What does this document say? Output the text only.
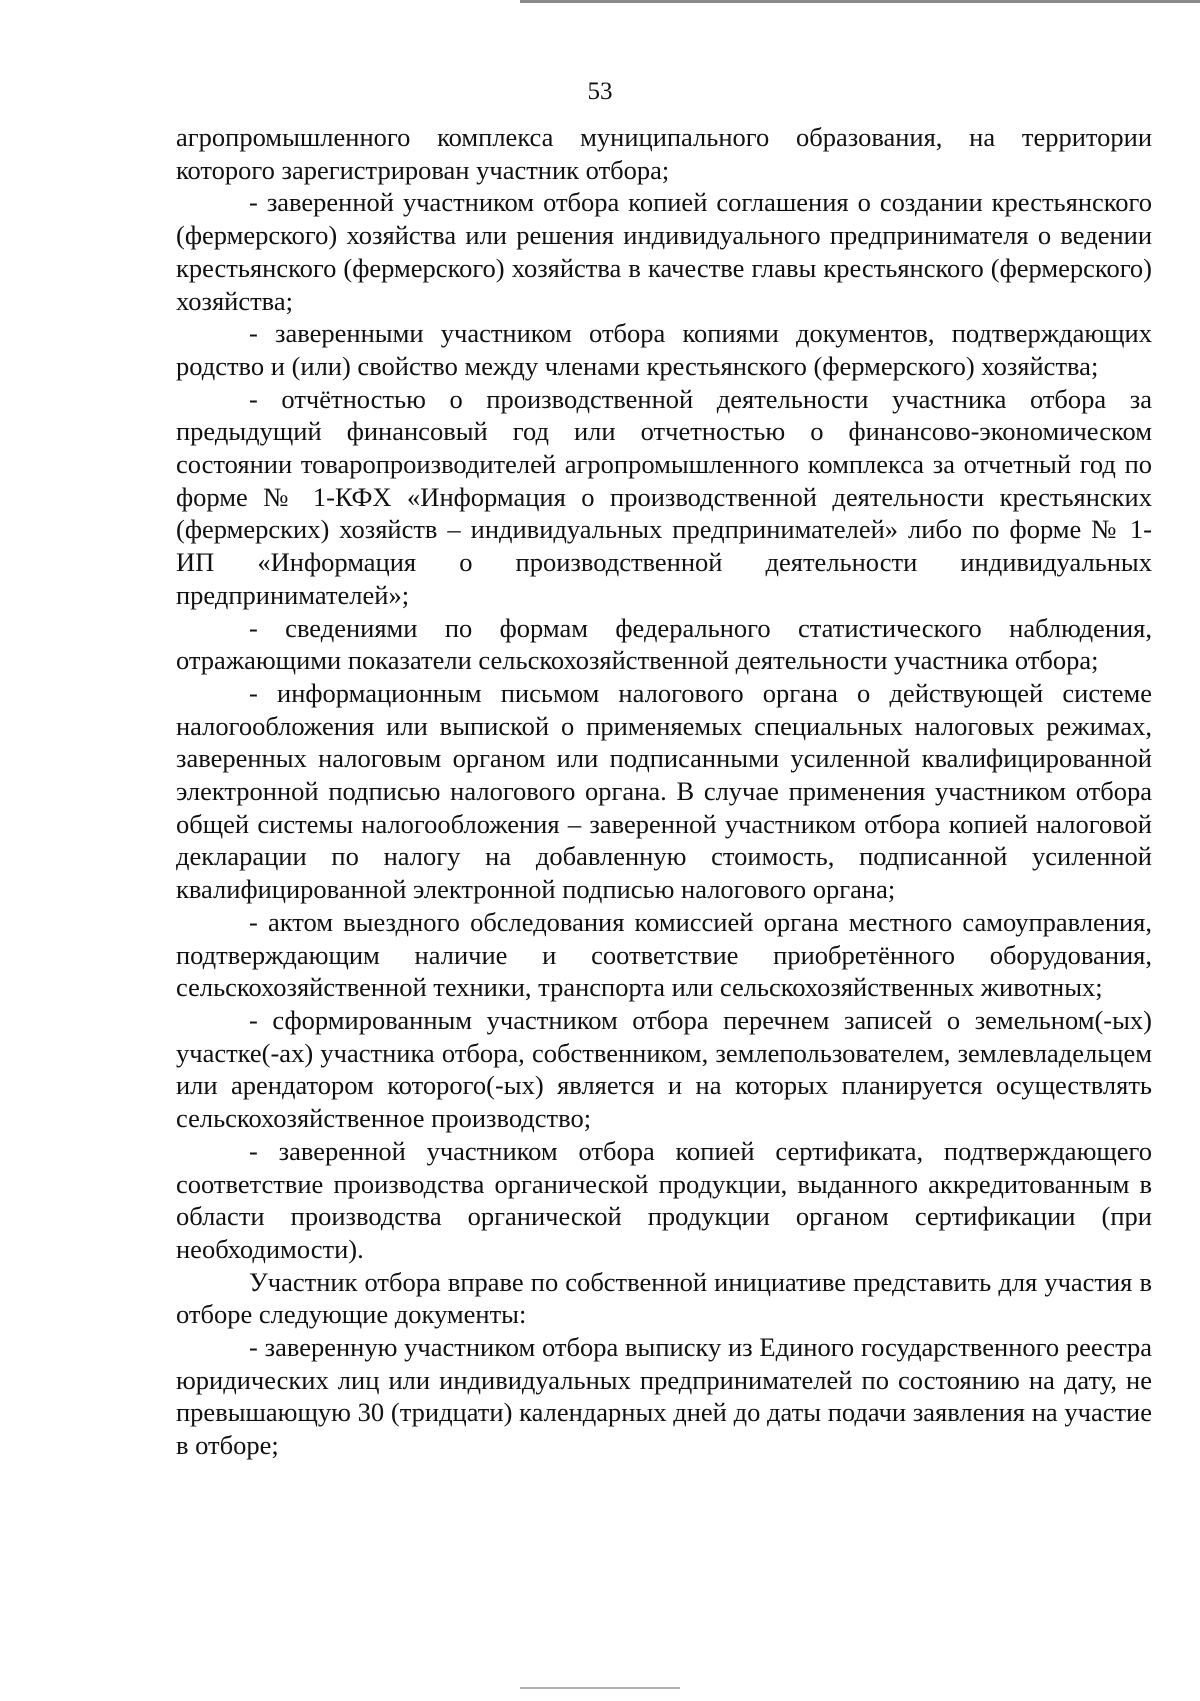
53

агропромышленного комплекса муниципального образования, на территории которого зарегистрирован участник отбора;

- заверенной участником отбора копией соглашения о создании крестьянского (фермерского) хозяйства или решения индивидуального предпринимателя о ведении крестьянского (фермерского) хозяйства в качестве главы крестьянского (фермерского) хозяйства;

- заверенными участником отбора копиями документов, подтверждающих родство и (или) свойство между членами крестьянского (фермерского) хозяйства;

- отчётностью о производственной деятельности участника отбора за предыдущий финансовый год или отчетностью о финансово-экономическом состоянии товаропроизводителей агропромышленного комплекса за отчетный год по форме № 1-КФХ «Информация о производственной деятельности крестьянских (фермерских) хозяйств – индивидуальных предпринимателей» либо по форме № 1-ИП «Информация о производственной деятельности индивидуальных предпринимателей»;

- сведениями по формам федерального статистического наблюдения, отражающими показатели сельскохозяйственной деятельности участника отбора;

- информационным письмом налогового органа о действующей системе налогообложения или выпиской о применяемых специальных налоговых режимах, заверенных налоговым органом или подписанными усиленной квалифицированной электронной подписью налогового органа. В случае применения участником отбора общей системы налогообложения – заверенной участником отбора копией налоговой декларации по налогу на добавленную стоимость, подписанной усиленной квалифицированной электронной подписью налогового органа;

- актом выездного обследования комиссией органа местного самоуправления, подтверждающим наличие и соответствие приобретённого оборудования, сельскохозяйственной техники, транспорта или сельскохозяйственных животных;

- сформированным участником отбора перечнем записей о земельном(-ых) участке(-ах) участника отбора, собственником, землепользователем, землевладельцем или арендатором которого(-ых) является и на которых планируется осуществлять сельскохозяйственное производство;

- заверенной участником отбора копией сертификата, подтверждающего соответствие производства органической продукции, выданного аккредитованным в области производства органической продукции органом сертификации (при необходимости).

Участник отбора вправе по собственной инициативе представить для участия в отборе следующие документы:

- заверенную участником отбора выписку из Единого государственного реестра юридических лиц или индивидуальных предпринимателей по состоянию на дату, не превышающую 30 (тридцати) календарных дней до даты подачи заявления на участие в отборе;
